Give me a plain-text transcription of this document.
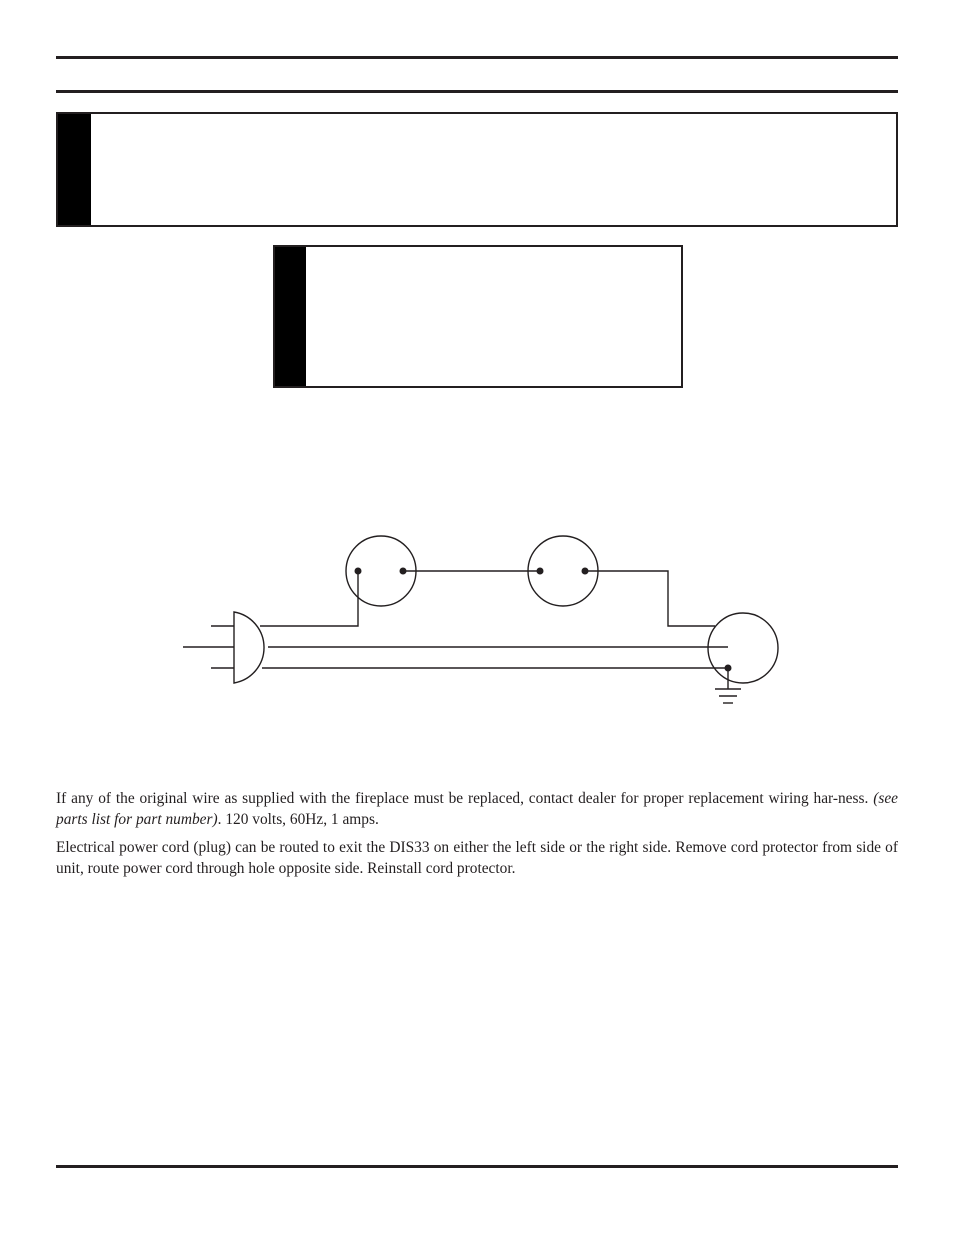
If any of the original wire as supplied with the fireplace must be replaced, contact dealer for proper replacement wiring har-ness. (see parts list for part number). 120 volts, 60Hz, 1 amps.

Electrical power cord (plug) can be routed to exit the DIS33 on either the left side or the right side. Remove cord protector from side of unit, route power cord through hole opposite side. Reinstall cord protector.
